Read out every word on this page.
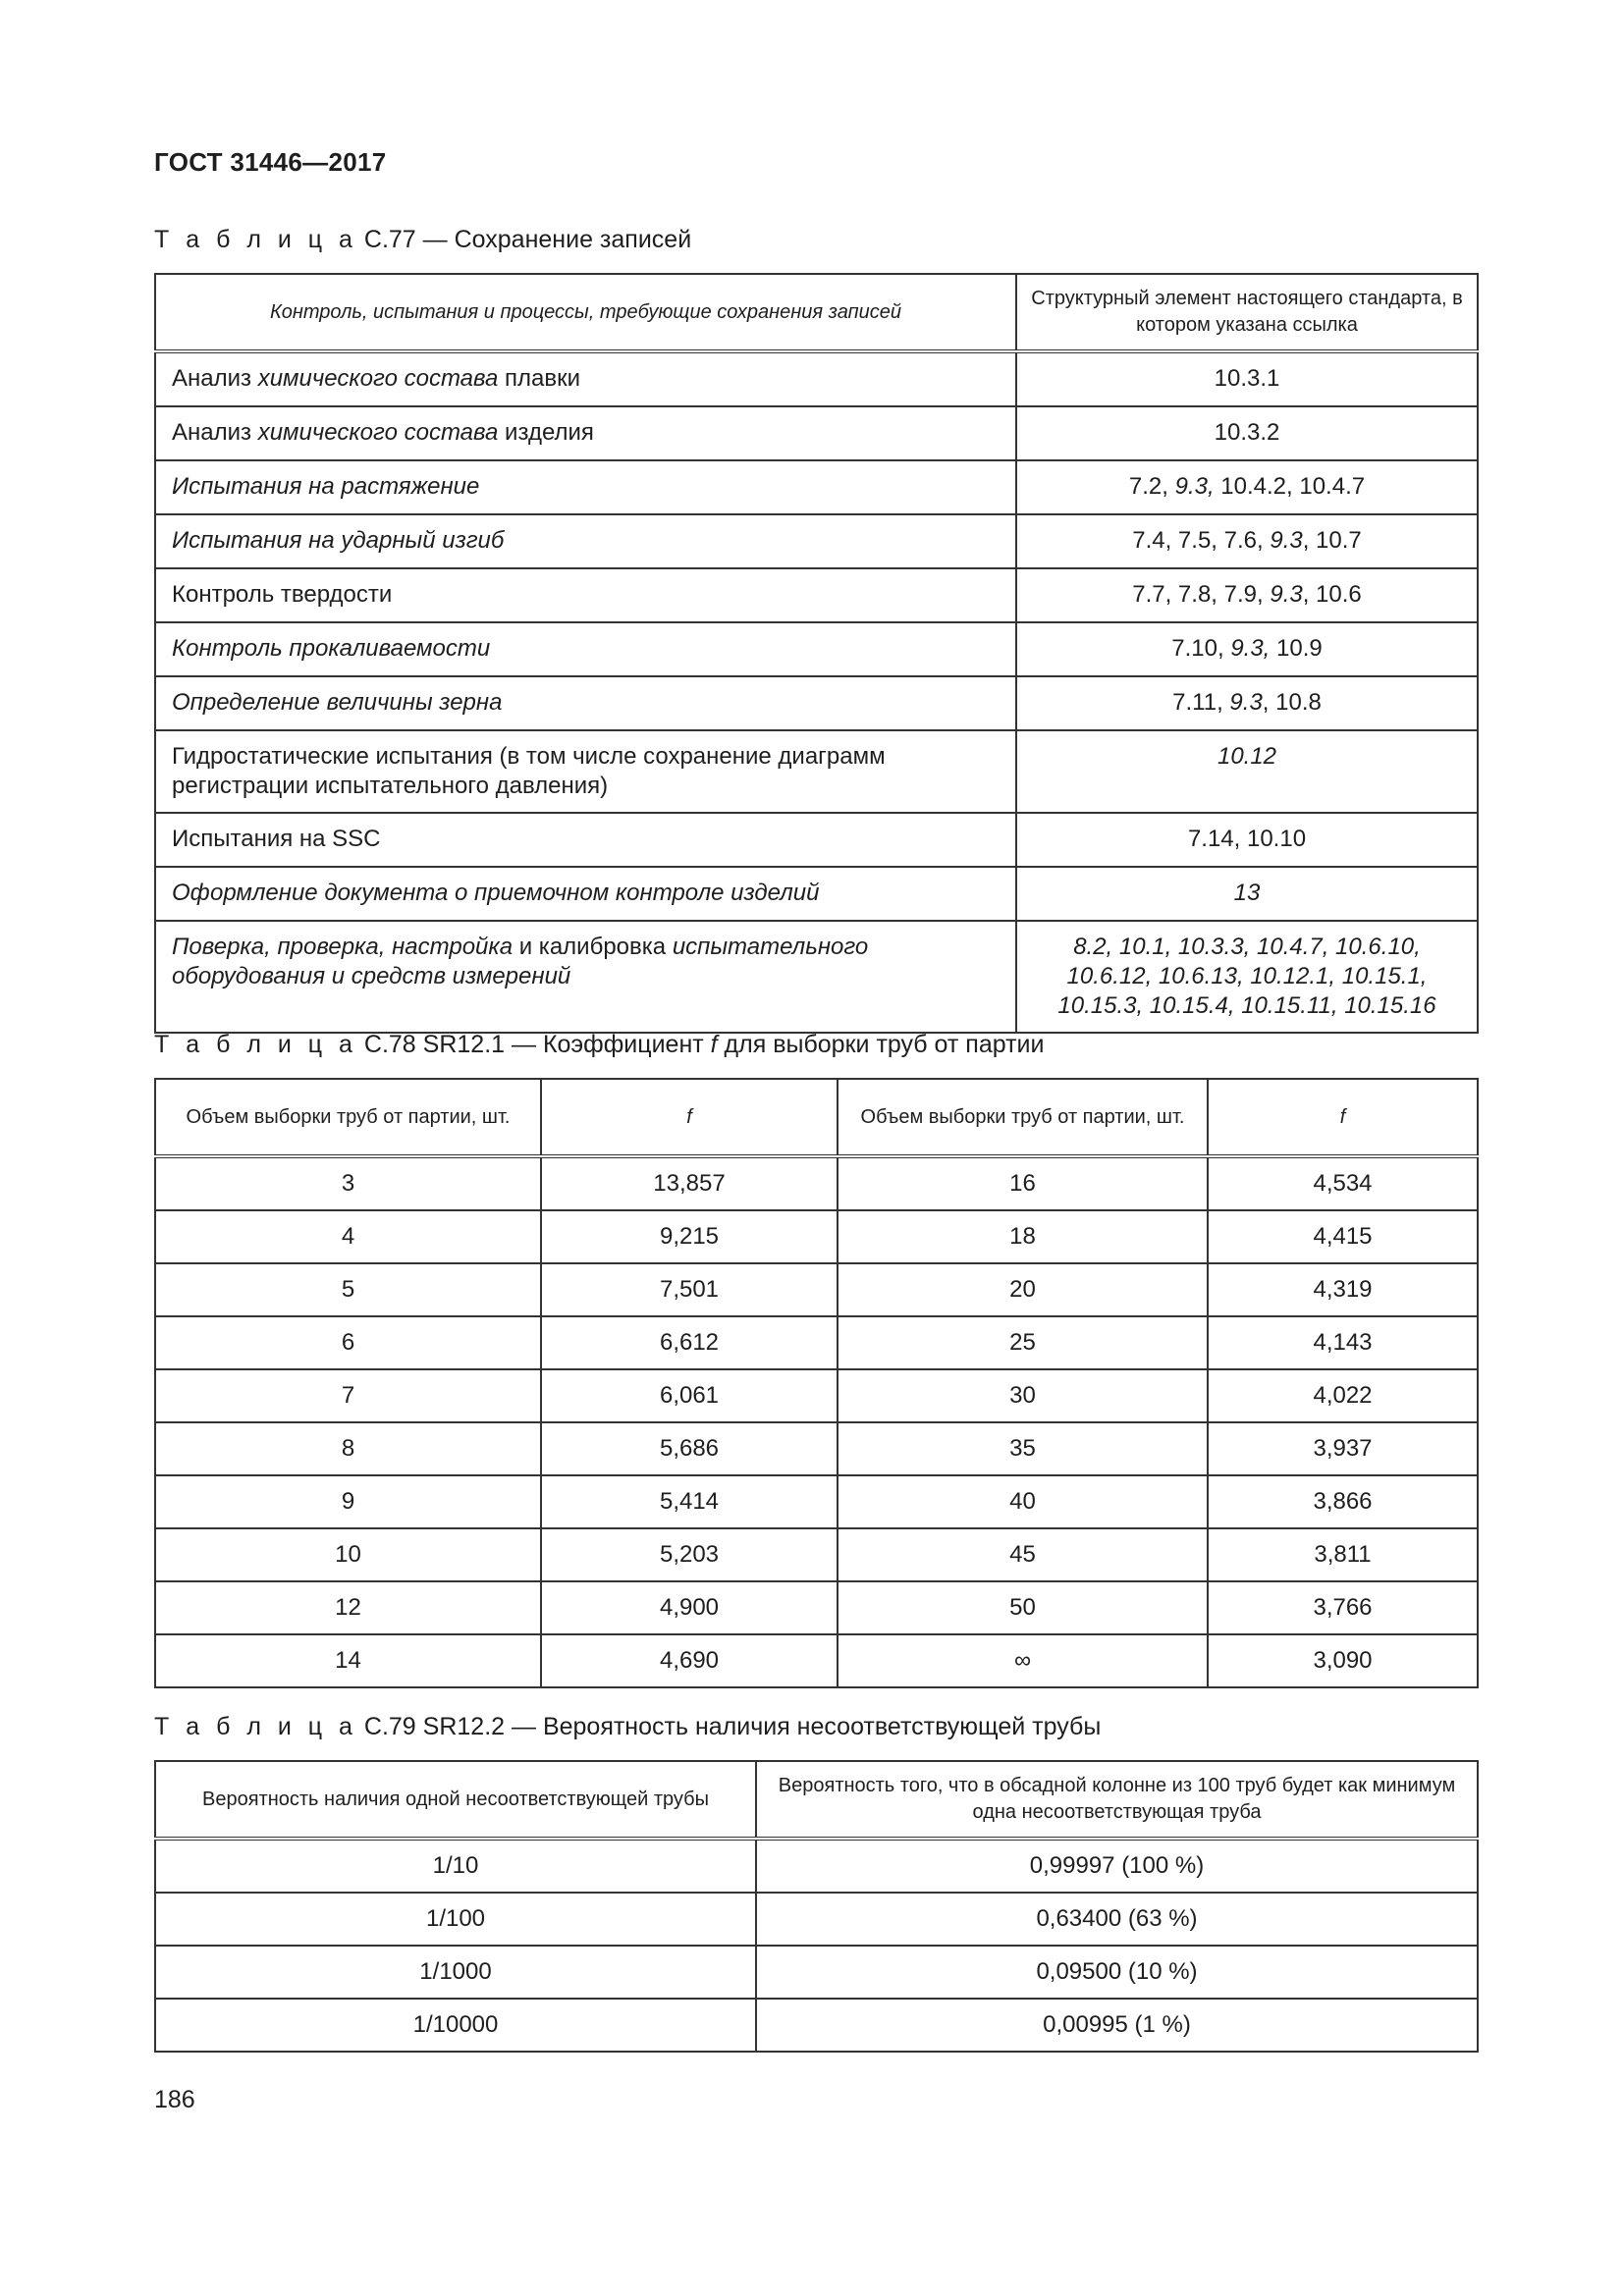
ГОСТ 31446—2017
Т а б л и ц а С.77 — Сохранение записей
Контроль, испытания и процессы, требующие сохранения записей	Структурный элемент настоящего стандарта, в котором указана ссылка
Анализ химического состава плавки	10.3.1
Анализ химического состава изделия	10.3.2
Испытания на растяжение	7.2, 9.3, 10.4.2, 10.4.7
Испытания на ударный изгиб	7.4, 7.5, 7.6, 9.3, 10.7
Контроль твердости	7.7, 7.8, 7.9, 9.3, 10.6
Контроль прокаливаемости	7.10, 9.3, 10.9
Определение величины зерна	7.11, 9.3, 10.8
Гидростатические испытания (в том числе сохранение диаграмм регистрации испытательного давления)	10.12
Испытания на SSC	7.14, 10.10
Оформление документа о приемочном контроле изделий	13
Поверка, проверка, настройка и калибровка испытательного оборудования и средств измерений	8.2, 10.1, 10.3.3, 10.4.7, 10.6.10, 10.6.12, 10.6.13, 10.12.1, 10.15.1, 10.15.3, 10.15.4, 10.15.11, 10.15.16
Т а б л и ц а С.78 SR12.1 — Коэффициент f для выборки труб от партии
Объем выборки труб от партии, шт.	f	Объем выборки труб от партии, шт.	f
3	13,857	16	4,534
4	9,215	18	4,415
5	7,501	20	4,319
6	6,612	25	4,143
7	6,061	30	4,022
8	5,686	35	3,937
9	5,414	40	3,866
10	5,203	45	3,811
12	4,900	50	3,766
14	4,690	∞	3,090
Т а б л и ц а С.79 SR12.2 — Вероятность наличия несоответствующей трубы
Вероятность наличия одной несоответствующей трубы	Вероятность того, что в обсадной колонне из 100 труб будет как минимум одна несоответствующая труба
1/10	0,99997 (100 %)
1/100	0,63400 (63 %)
1/1000	0,09500 (10 %)
1/10000	0,00995 (1 %)
186
